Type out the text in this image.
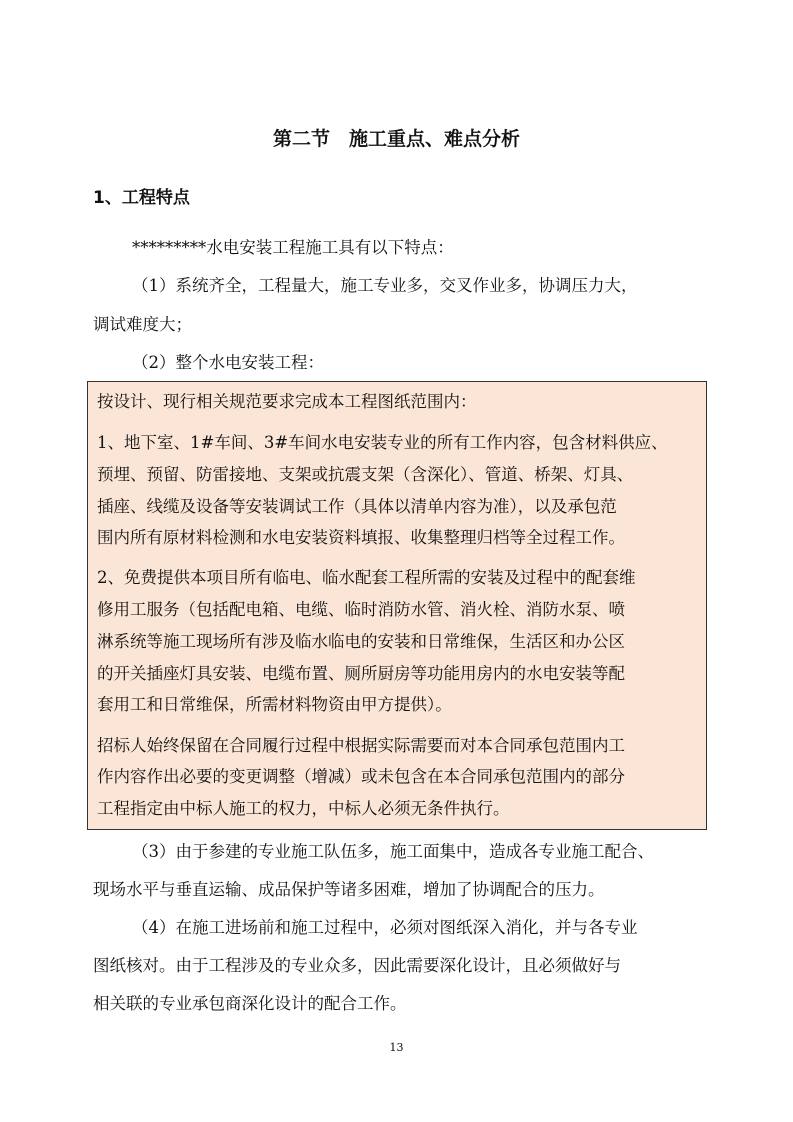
第二节　施工重点、难点分析
1、工程特点
*********水电安装工程施工具有以下特点：
（1）系统齐全，工程量大，施工专业多，交叉作业多，协调压力大，
调试难度大；
（2）整个水电安装工程：
按设计、现行相关规范要求完成本工程图纸范围内：
1、地下室、1#车间、3#车间水电安装专业的所有工作内容，包含材料供应、
预埋、预留、防雷接地、支架或抗震支架（含深化）、管道、桥架、灯具、
插座、线缆及设备等安装调试工作（具体以清单内容为准），以及承包范
围内所有原材料检测和水电安装资料填报、收集整理归档等全过程工作。
2、免费提供本项目所有临电、临水配套工程所需的安装及过程中的配套维
修用工服务（包括配电箱、电缆、临时消防水管、消火栓、消防水泵、喷
淋系统等施工现场所有涉及临水临电的安装和日常维保，生活区和办公区
的开关插座灯具安装、电缆布置、厕所厨房等功能用房内的水电安装等配
套用工和日常维保，所需材料物资由甲方提供）。
招标人始终保留在合同履行过程中根据实际需要而对本合同承包范围内工
作内容作出必要的变更调整（增减）或未包含在本合同承包范围内的部分
工程指定由中标人施工的权力，中标人必须无条件执行。
（3）由于参建的专业施工队伍多，施工面集中，造成各专业施工配合、
现场水平与垂直运输、成品保护等诸多困难，增加了协调配合的压力。
（4）在施工进场前和施工过程中，必须对图纸深入消化，并与各专业
图纸核对。由于工程涉及的专业众多，因此需要深化设计，且必须做好与
相关联的专业承包商深化设计的配合工作。
13
